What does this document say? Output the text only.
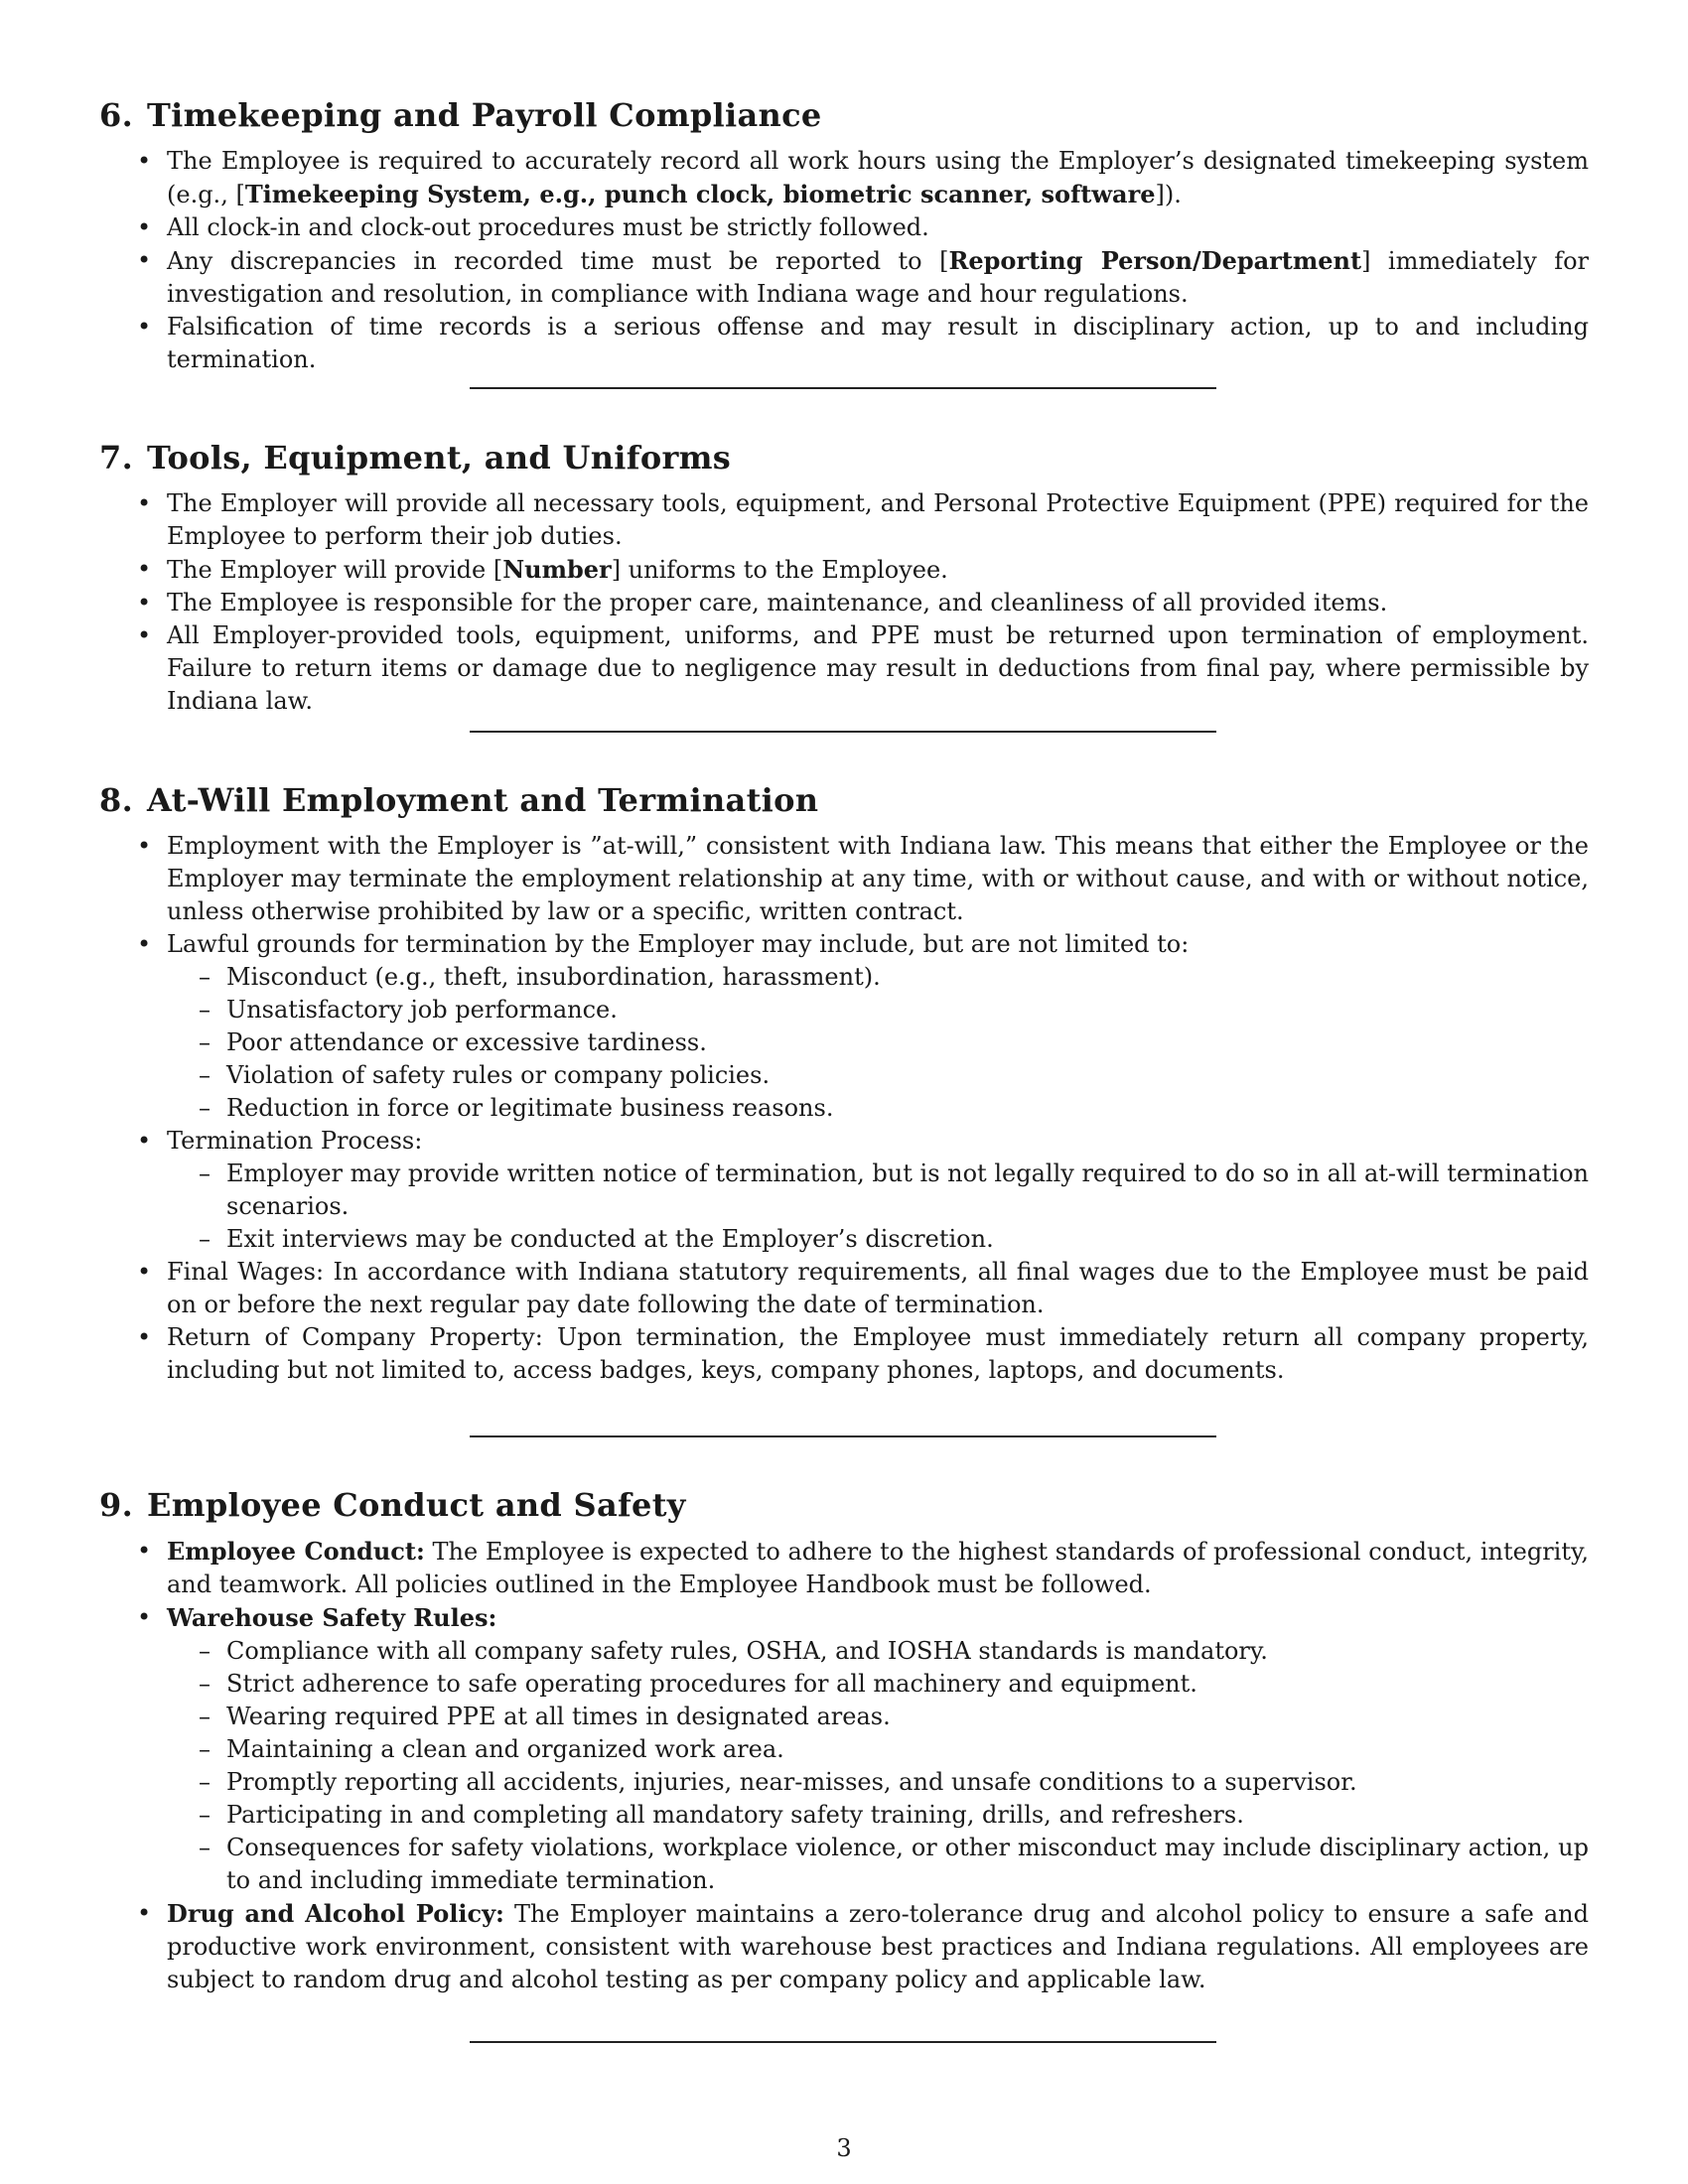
6. Timekeeping and Payroll Compliance
• The Employee is required to accurately record all work hours using the Employer’s designated timekeeping system (e.g., [Timekeeping System, e.g., punch clock, biometric scanner, software]).
• All clock-in and clock-out procedures must be strictly followed.
• Any discrepancies in recorded time must be reported to [Reporting Person/Department] immediately for investigation and resolution, in compliance with Indiana wage and hour regulations.
• Falsification of time records is a serious offense and may result in disciplinary action, up to and including termination.
7. Tools, Equipment, and Uniforms
• The Employer will provide all necessary tools, equipment, and Personal Protective Equipment (PPE) required for the Employee to perform their job duties.
• The Employer will provide [Number] uniforms to the Employee.
• The Employee is responsible for the proper care, maintenance, and cleanliness of all provided items.
• All Employer-provided tools, equipment, uniforms, and PPE must be returned upon termination of employment. Failure to return items or damage due to negligence may result in deductions from final pay, where permissible by Indiana law.
8. At-Will Employment and Termination
• Employment with the Employer is ”at-will,” consistent with Indiana law. This means that either the Employee or the Employer may terminate the employment relationship at any time, with or without cause, and with or without notice, unless otherwise prohibited by law or a specific, written contract.
• Lawful grounds for termination by the Employer may include, but are not limited to:
– Misconduct (e.g., theft, insubordination, harassment).
– Unsatisfactory job performance.
– Poor attendance or excessive tardiness.
– Violation of safety rules or company policies.
– Reduction in force or legitimate business reasons.
• Termination Process:
– Employer may provide written notice of termination, but is not legally required to do so in all at-will termination scenarios.
– Exit interviews may be conducted at the Employer’s discretion.
• Final Wages: In accordance with Indiana statutory requirements, all final wages due to the Employee must be paid on or before the next regular pay date following the date of termination.
• Return of Company Property: Upon termination, the Employee must immediately return all company property, including but not limited to, access badges, keys, company phones, laptops, and documents.
9. Employee Conduct and Safety
• Employee Conduct: The Employee is expected to adhere to the highest standards of professional conduct, integrity, and teamwork. All policies outlined in the Employee Handbook must be followed.
• Warehouse Safety Rules:
– Compliance with all company safety rules, OSHA, and IOSHA standards is mandatory.
– Strict adherence to safe operating procedures for all machinery and equipment.
– Wearing required PPE at all times in designated areas.
– Maintaining a clean and organized work area.
– Promptly reporting all accidents, injuries, near-misses, and unsafe conditions to a supervisor.
– Participating in and completing all mandatory safety training, drills, and refreshers.
– Consequences for safety violations, workplace violence, or other misconduct may include disciplinary action, up to and including immediate termination.
• Drug and Alcohol Policy: The Employer maintains a zero-tolerance drug and alcohol policy to ensure a safe and productive work environment, consistent with warehouse best practices and Indiana regulations. All employees are subject to random drug and alcohol testing as per company policy and applicable law.
3
